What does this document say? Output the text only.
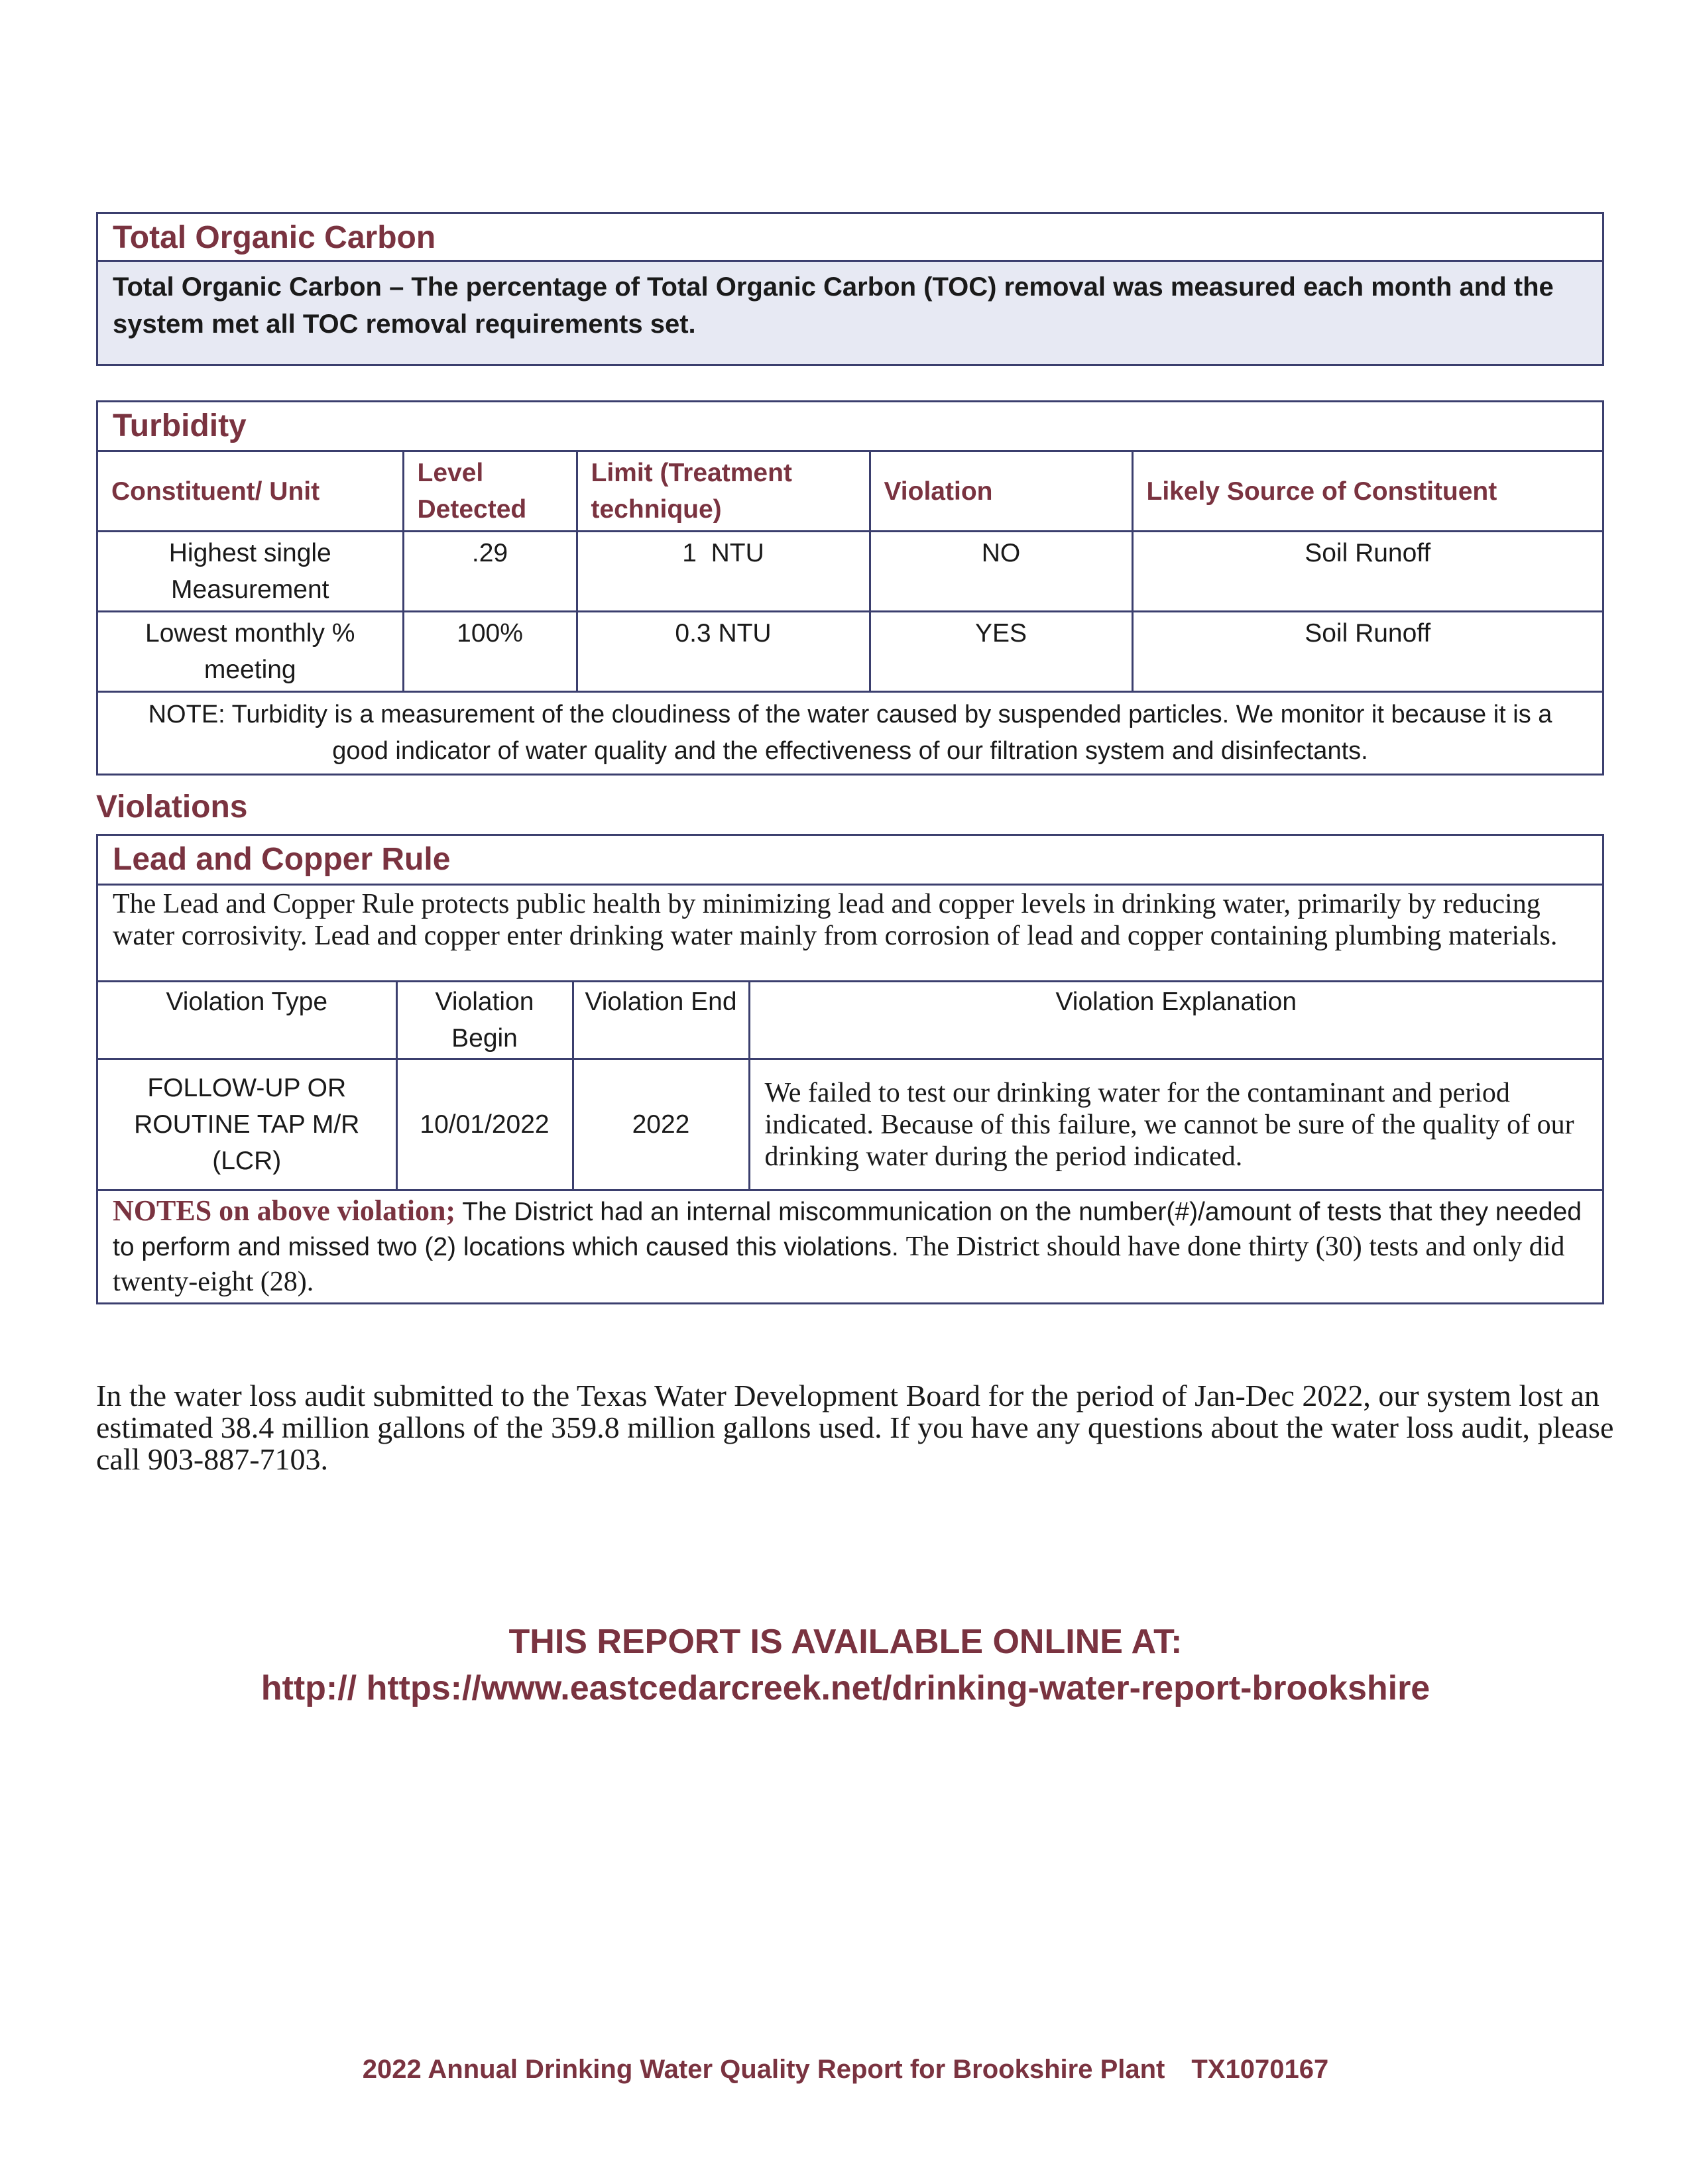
Total Organic Carbon
Total Organic Carbon – The percentage of Total Organic Carbon (TOC) removal was measured each month and the system met all TOC removal requirements set.
Turbidity
Constituent/ Unit	Level Detected	Limit (Treatment technique)	Violation	Likely Source of Constituent
Highest single Measurement	.29	1  NTU	NO	Soil Runoff
Lowest monthly % meeting	100%	0.3 NTU	YES	Soil Runoff
NOTE: Turbidity is a measurement of the cloudiness of the water caused by suspended particles. We monitor it because it is a good indicator of water quality and the effectiveness of our filtration system and disinfectants.				
Violations
Lead and Copper Rule
The Lead and Copper Rule protects public health by minimizing lead and copper levels in drinking water, primarily by reducing water corrosivity. Lead and copper enter drinking water mainly from corrosion of lead and copper containing plumbing materials.
Violation Type	Violation Begin	Violation End	Violation Explanation
FOLLOW-UP OR ROUTINE TAP M/R (LCR)	10/01/2022	2022	We failed to test our drinking water for the contaminant and period indicated. Because of this failure, we cannot be sure of the quality of our drinking water during the period indicated.
NOTES on above violation; The District had an internal miscommunication on the number(#)/amount of tests that they needed to perform and missed two (2) locations which caused this violations. The District should have done thirty (30) tests and only did twenty-eight (28).			
In the water loss audit submitted to the Texas Water Development Board for the period of Jan-Dec 2022, our system lost an estimated 38.4 million gallons of the 359.8 million gallons used. If you have any questions about the water loss audit, please call 903-887-7103.
THIS REPORT IS AVAILABLE ONLINE AT:
http:// https://www.eastcedarcreek.net/drinking-water-report-brookshire
2022 Annual Drinking Water Quality Report for Brookshire Plant TX1070167
